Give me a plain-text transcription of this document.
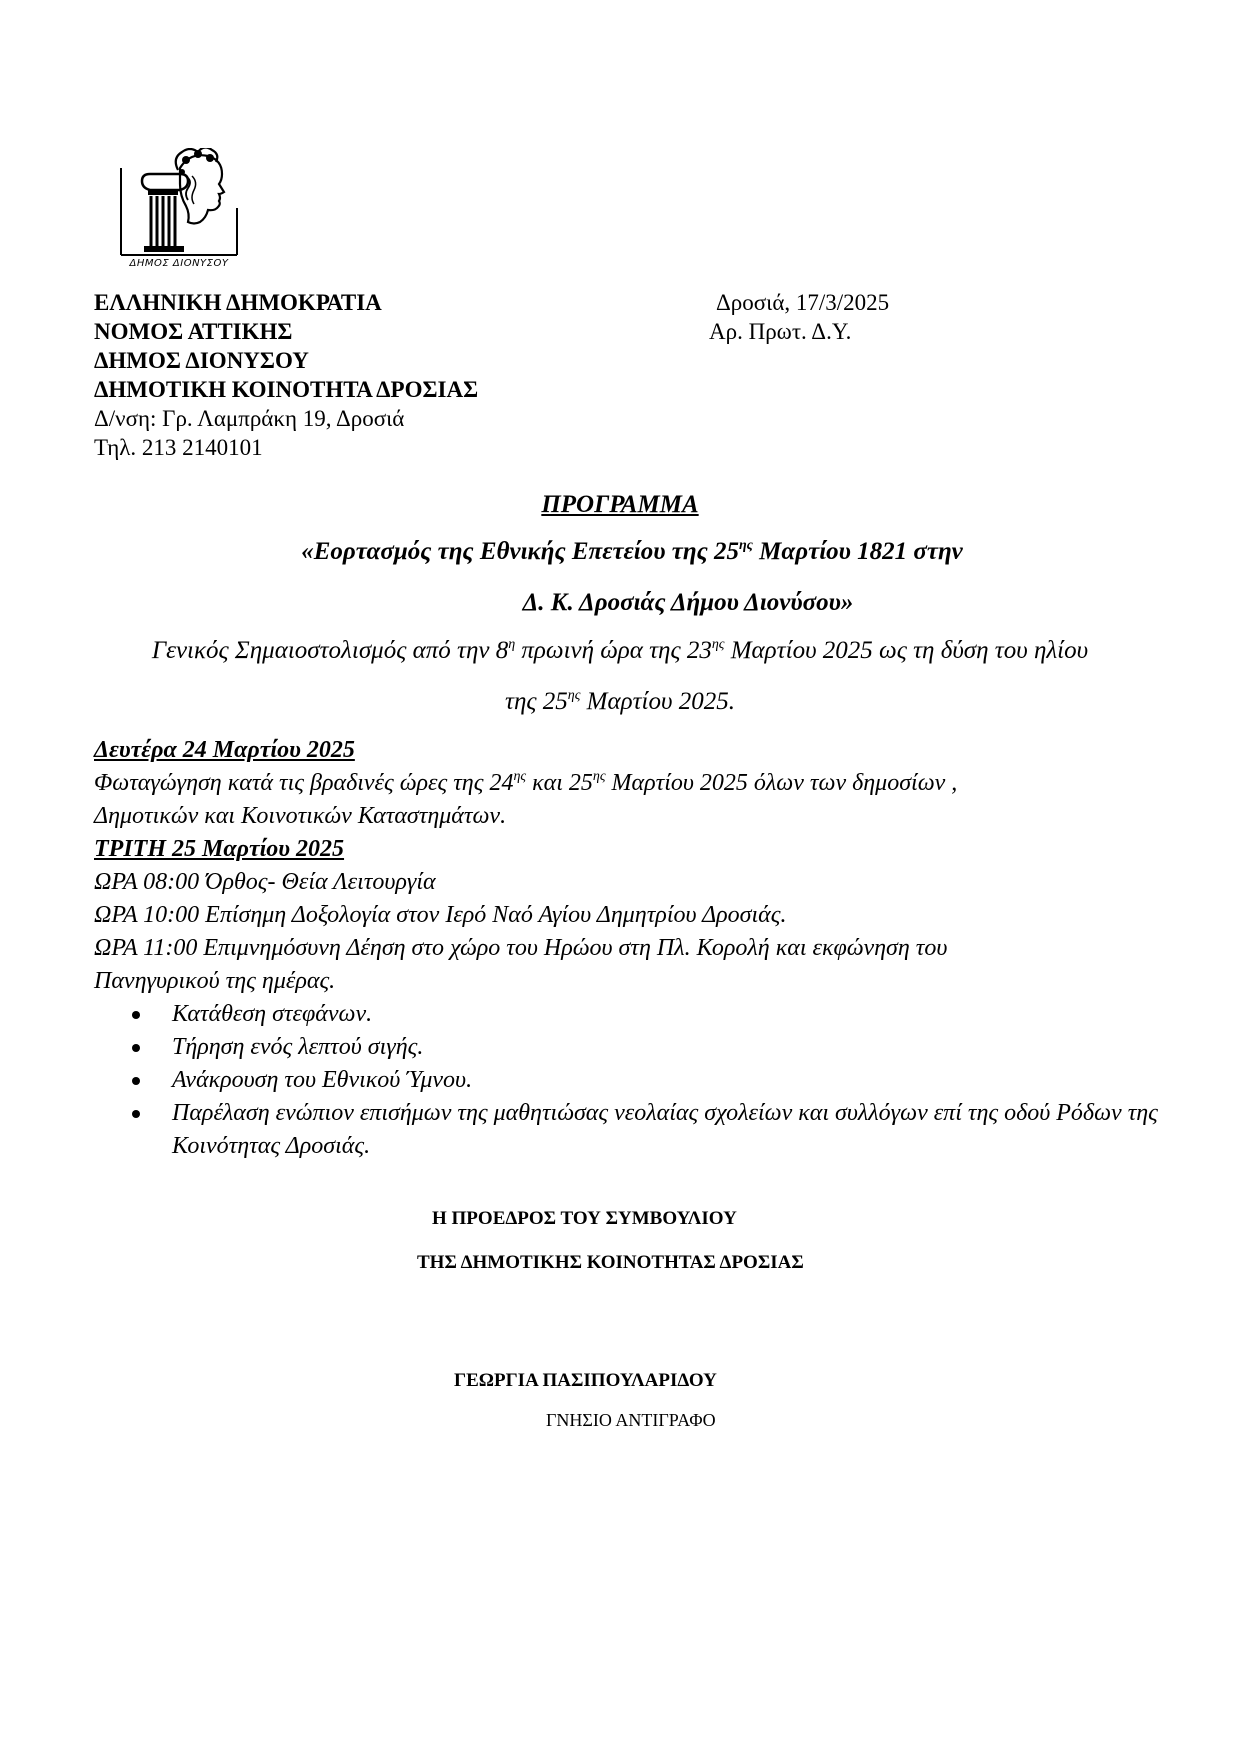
ΔΗΜΟΣ ΔΙΟΝΥΣΟΥ
ΕΛΛΗΝΙΚΗ ΔΗΜΟΚΡΑΤΙΑ
ΝΟΜΟΣ ΑΤΤΙΚΗΣ
ΔΗΜΟΣ ΔΙΟΝΥΣΟΥ
ΔΗΜΟΤΙΚΗ ΚΟΙΝΟΤΗΤΑ ΔΡΟΣΙΑΣ
Δ/νση: Γρ. Λαμπράκη 19, Δροσιά
Τηλ. 213 2140101
Δροσιά, 17/3/2025
Αρ. Πρωτ. Δ.Υ.
ΠΡΟΓΡΑΜΜΑ
«Εορτασμός της Εθνικής Επετείου της $25^{\eta\varsigma}$ Μαρτίου 1821 στην
Δ. Κ. Δροσιάς Δήμου Διονύσου»
Γενικός Σημαιοστολισμός από την $8^\eta$ πρωινή ώρα της $23^{\eta\varsigma}$ Μαρτίου 2025 ως τη δύση του ηλίου
της $25^{\eta\varsigma}$ Μαρτίου 2025.
Δευτέρα 24 Μαρτίου 2025
Φωταγώγηση κατά τις βραδινές ώρες της $24^{\eta\varsigma}$ και $25^{\eta\varsigma}$ Μαρτίου 2025 όλων των δημοσίων ,
Δημοτικών και Κοινοτικών Καταστημάτων.
ΤΡΙΤΗ 25 Μαρτίου 2025
ΩΡΑ 08:00 Όρθος- Θεία Λειτουργία
ΩΡΑ 10:00 Επίσημη Δοξολογία στον Ιερό Ναό Αγίου Δημητρίου Δροσιάς.
ΩΡΑ 11:00 Επιμνημόσυνη Δέηση στο χώρο του Ηρώου στη Πλ. Κορολή και εκφώνηση του
Πανηγυρικού της ημέρας.
Κατάθεση στεφάνων.
Τήρηση ενός λεπτού σιγής.
Ανάκρουση του Εθνικού Ύμνου.
Παρέλαση ενώπιον επισήμων της μαθητιώσας νεολαίας σχολείων και συλλόγων επί της οδού Ρόδων της Κοινότητας Δροσιάς.
Η ΠΡΟΕΔΡΟΣ ΤΟΥ ΣΥΜΒΟΥΛΙΟΥ
ΤΗΣ ΔΗΜΟΤΙΚΗΣ ΚΟΙΝΟΤΗΤΑΣ ΔΡΟΣΙΑΣ
ΓΕΩΡΓΙΑ ΠΑΣΙΠΟΥΛΑΡΙΔΟΥ
ΓΝΗΣΙΟ ΑΝΤΙΓΡΑΦΟ
